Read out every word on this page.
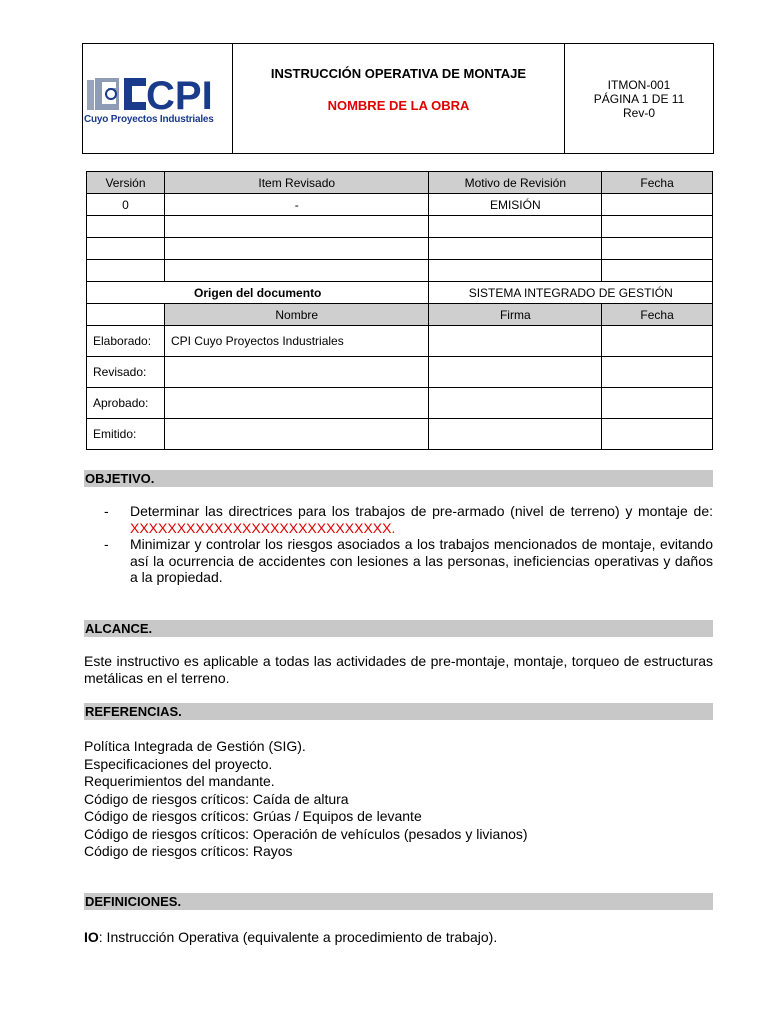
CPI
Cuyo Proyectos Industriales
INSTRUCCIÓN OPERATIVA DE MONTAJE
NOMBRE DE LA OBRA
ITMON-001
PÁGINA 1 DE 11
Rev-0
Versión	Item Revisado	Motivo de Revisión	Fecha
0	-	EMISIÓN	

Origen del documento		SISTEMA INTEGRADO DE GESTIÓN	
	Nombre	Firma	Fecha
Elaborado:	CPI Cuyo Proyectos Industriales		
Revisado:			
Aprobado:			
Emitido:			
OBJETIVO.
-	Determinar las directrices para los trabajos de pre-armado (nivel de terreno) y montaje de: XXXXXXXXXXXXXXXXXXXXXXXXXXXX.
-	Minimizar y controlar los riesgos asociados a los trabajos mencionados de montaje, evitando así la ocurrencia de accidentes con lesiones a las personas, ineficiencias operativas y daños a la propiedad.
ALCANCE.
Este instructivo es aplicable a todas las actividades de pre-montaje, montaje, torqueo de estructuras metálicas en el terreno.
REFERENCIAS.
Política Integrada de Gestión (SIG).
Especificaciones del proyecto.
Requerimientos del mandante.
Código de riesgos críticos: Caída de altura
Código de riesgos críticos: Grúas / Equipos de levante
Código de riesgos críticos: Operación de vehículos (pesados y livianos)
Código de riesgos críticos: Rayos
DEFINICIONES.
IO: Instrucción Operativa (equivalente a procedimiento de trabajo).
